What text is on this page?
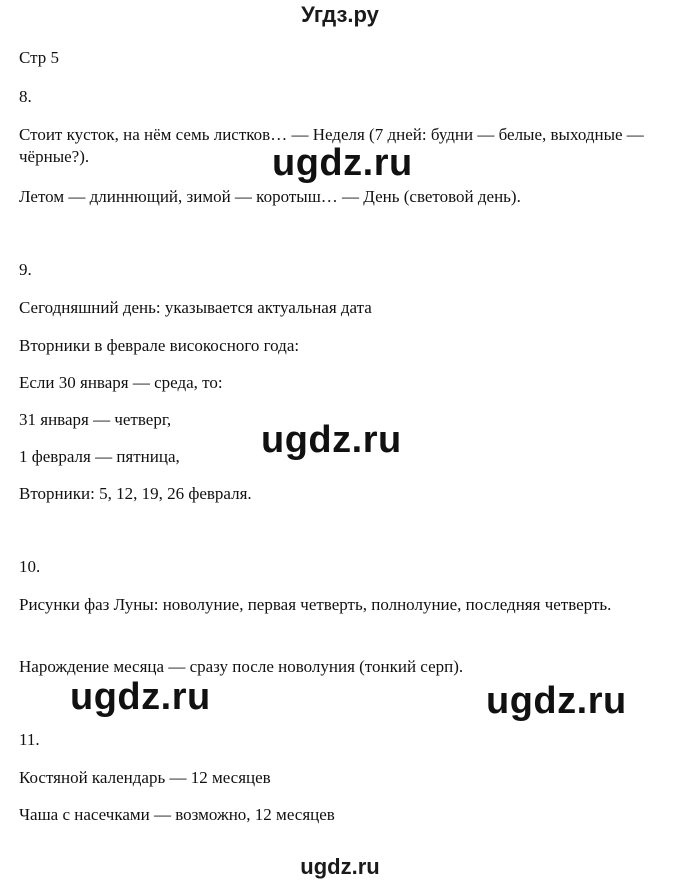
Угдз.ру
Стр 5
8.
Стоит кусток, на нём семь листков… — Неделя (7 дней: будни — белые, выходные — чёрные?).
Летом — длиннющий, зимой — коротыш… — День (световой день).
9.
Сегодняшний день: указывается актуальная дата
Вторники в феврале високосного года:
Если 30 января — среда, то:
31 января — четверг,
1 февраля — пятница,
Вторники: 5, 12, 19, 26 февраля.
10.
Рисунки фаз Луны: новолуние, первая четверть, полнолуние, последняя четверть.
Нарождение месяца — сразу после новолуния (тонкий серп).
11.
Костяной календарь — 12 месяцев
Чаша с насечками — возможно, 12 месяцев
ugdz.ru
ugdz.ru
ugdz.ru	ugdz.ru
ugdz.ru
